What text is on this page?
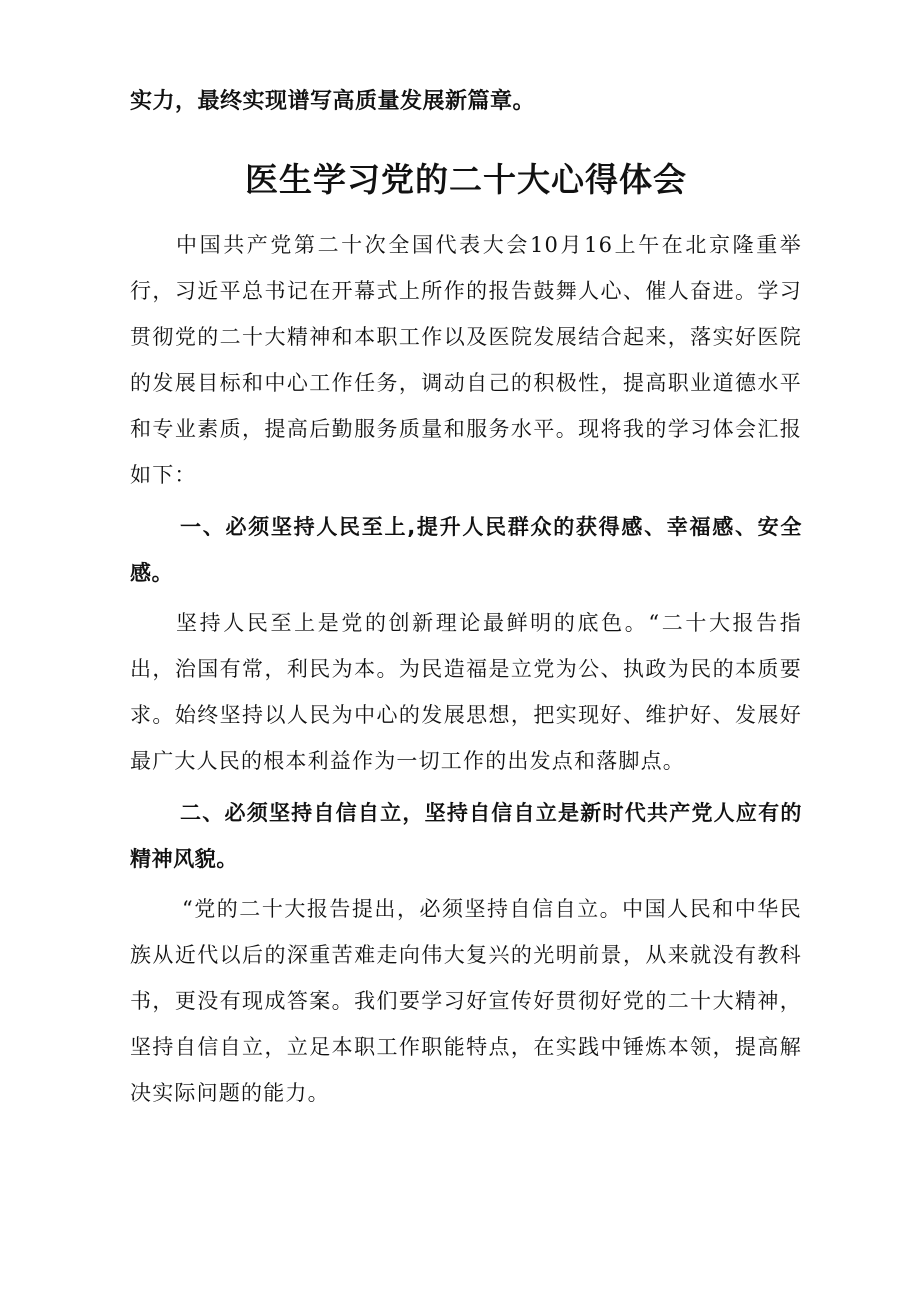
实力，最终实现谱写高质量发展新篇章。

医生学习党的二十大心得体会

中国共产党第二十次全国代表大会10月16上午在北京隆重举行，习近平总书记在开幕式上所作的报告鼓舞人心、催人奋进。学习贯彻党的二十大精神和本职工作以及医院发展结合起来，落实好医院的发展目标和中心工作任务，调动自己的积极性，提高职业道德水平和专业素质，提高后勤服务质量和服务水平。现将我的学习体会汇报如下：

一、必须坚持人民至上,提升人民群众的获得感、幸福感、安全感。

坚持人民至上是党的创新理论最鲜明的底色。“二十大报告指出，治国有常，利民为本。为民造福是立党为公、执政为民的本质要求。始终坚持以人民为中心的发展思想，把实现好、维护好、发展好最广大人民的根本利益作为一切工作的出发点和落脚点。

二、必须坚持自信自立，坚持自信自立是新时代共产党人应有的精神风貌。

“党的二十大报告提出，必须坚持自信自立。中国人民和中华民族从近代以后的深重苦难走向伟大复兴的光明前景，从来就没有教科书，更没有现成答案。我们要学习好宣传好贯彻好党的二十大精神，坚持自信自立，立足本职工作职能特点，在实践中锤炼本领，提高解决实际问题的能力。
